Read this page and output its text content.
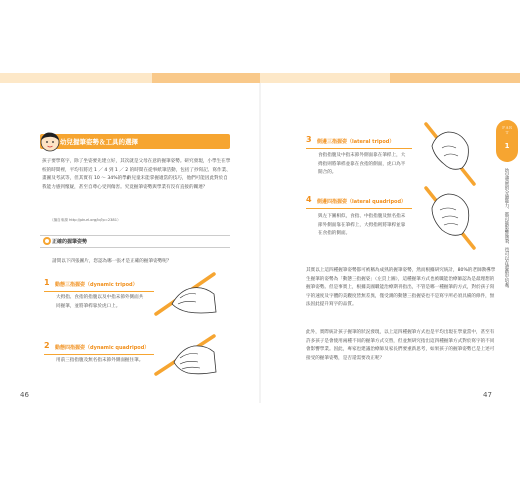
幼兒握筆姿勢＆工具的選擇
孩子要學寫字，除了坐姿要先建立好，其次就是父母在意的握筆姿勢。研究發現，小學生在學校的時間裡，平均有將近 1 ／ 4 到 1 ／ 2 的時間在從事紙筆活動，包括了抄寫記、寫作業、畫圖及考試等，但其實有 10 ～ 34%的學齡兒童未能掌握適當的技巧，他們可能因此對於自我能力感到懷疑，甚至自尊心受到傷害。究竟握筆姿勢與學業有沒有直接的關連？
（摘自來源 http://pkurl.org/lq?p=2381）
正確的握筆姿勢
請問以下四張圖片，您認為哪一張才是正確的握筆姿勢呢？
1 動態三指握姿（dynamic tripod）
大拇指、食指的指腹以及中指末節外側面共同握筆，並將筆桿靠於虎口上。
2 動態四指握姿（dynamic quadripod）
用前三指指腹及無名指末節外側面握住筆。
46
3 側邊三指握姿（lateral tripod）
食指指腹及中指末節外側面靠在筆桿上，大拇指則將筆桿並靠在食指的側面，虎口為半開合的。
4 側邊四指握姿（lateral quadripod）
與左下圖相似，食指、中指指腹及無名指末節外側面靠在筆桿上，大拇指則將筆桿並靠在食指的側面。
其實以上這四種握筆姿勢都可被稱為成熟的握筆姿勢，然而根據研究統計，80%的老師教導學生握筆的姿勢為「動態三指握姿」（左頁上圖），這種握筆方式也被職能治療師認為是最理想的握筆姿勢。但是事實上，根據美國職能治療期刊指出，不管是哪一種握筆的方式，對於孩子寫字的速度及字體的美觀度皆無差異，僅受測的動態三指握姿也不是寫字所必須具備的條件，無法因此提升寫字的品質。
此外，實際統計孩子握筆的狀況發現，以上這四種握筆方式也是平均出現在學童當中，甚至有許多孩子是會使用兩種不同的握筆方式交替，但並無研究指出這四種握筆方式對於寫字的不同會影響學業。因此，專家也建議治療師及家長們要重新思考，如果孩子的握筆姿勢已是上述可接受的握筆姿勢，是否還需要改正呢？
ＰＡＲＴ
1
幼兒發展的分層能力，都可能影響執筆，也可以在遊戲中培養。
47
